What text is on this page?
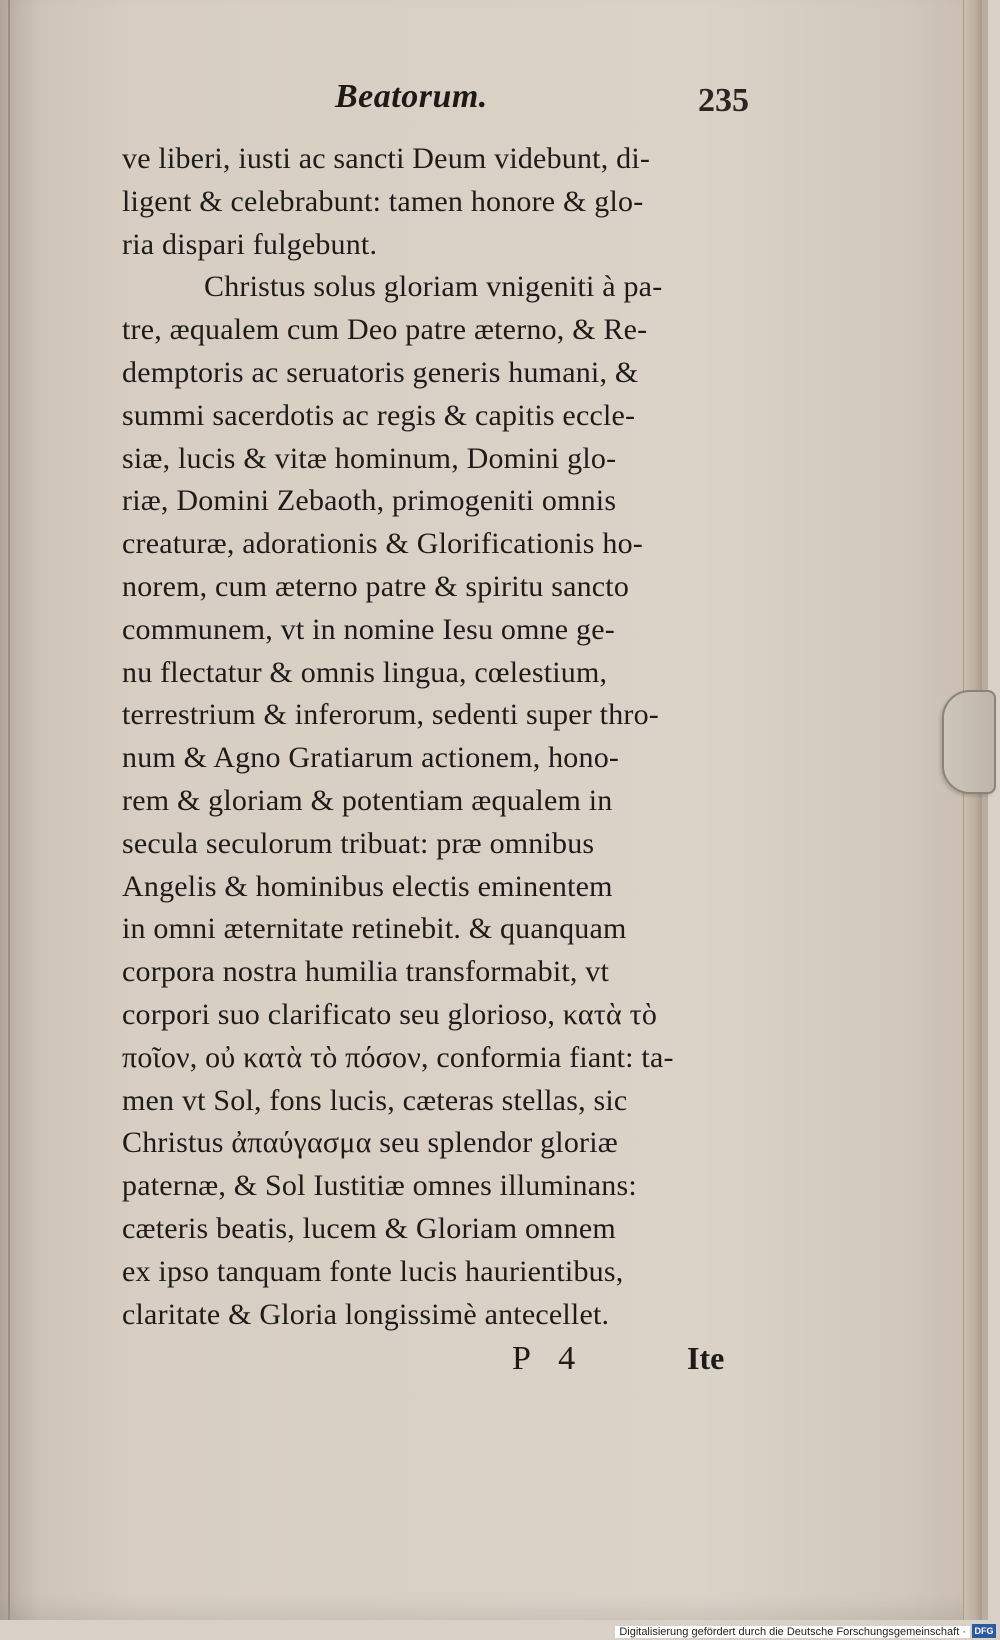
Beatorum.	235
ve liberi, iusti ac sancti Deum videbunt, di-
ligent & celebrabunt: tamen honore & glo-
ria dispari fulgebunt.
Christus solus gloriam vnigeniti à pa-
tre, æqualem cum Deo patre æterno, & Re-
demptoris ac seruatoris generis humani, &
summi sacerdotis ac regis & capitis eccle-
siæ, lucis & vitæ hominum, Domini glo-
riæ, Domini Zebaoth, primogeniti omnis
creaturæ, adorationis & Glorificationis ho-
norem, cum æterno patre & spiritu sancto
communem, vt in nomine Iesu omne ge-
nu flectatur & omnis lingua, cœlestium,
terrestrium & inferorum, sedenti super thro-
num & Agno Gratiarum actionem, hono-
rem & gloriam & potentiam æqualem in
secula seculorum tribuat: præ omnibus
Angelis & hominibus electis eminentem
in omni æternitate retinebit. & quanquam
corpora nostra humilia transformabit, vt
corpori suo clarificato seu glorioso, κατὰ τὸ
ποῖον, οὐ κατὰ τὸ πόσον, conformia fiant: ta-
men vt Sol, fons lucis, cæteras stellas, sic
Christus ἀπαύγασμα seu splendor gloriæ
paternæ, & Sol Iustitiæ omnes illuminans:
cæteris beatis, lucem & Gloriam omnem
ex ipso tanquam fonte lucis haurientibus,
claritate & Gloria longissimè antecellet.
P 4	Ite
Digitalisierung gefördert durch die Deutsche Forschungsgemeinschaft · DFG
